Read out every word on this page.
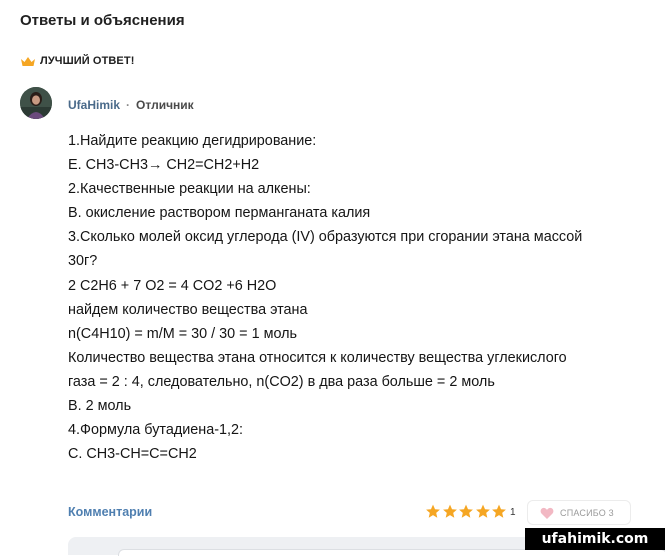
Ответы и объяснения
ЛУЧШИЙ ОТВЕТ!
UfaHimik · Отличник

1.Найдите реакцию дегидрирование:

E. CH3-CH3→ CH2=CH2+H2

2.Качественные реакции на алкены:

B. окисление раствором перманганата калия

3.Сколько молей оксид углерода (IV) образуются при сгорании этана массой

30г?

2 C2H6 + 7 O2 = 4 CO2 +6 H2O

найдем количество вещества этана

n(C4H10) = m/M = 30 / 30 = 1 моль

Количество вещества этана относится к количеству вещества углекислого

газа = 2 : 4, следовательно, n(CO2) в два раза больше = 2 моль

B. 2 моль

4.Формула бутадиена-1,2:

C. CH3-CH=C=CH2

Комментарии	1	СПАСИБО 3
ufahimik.com
